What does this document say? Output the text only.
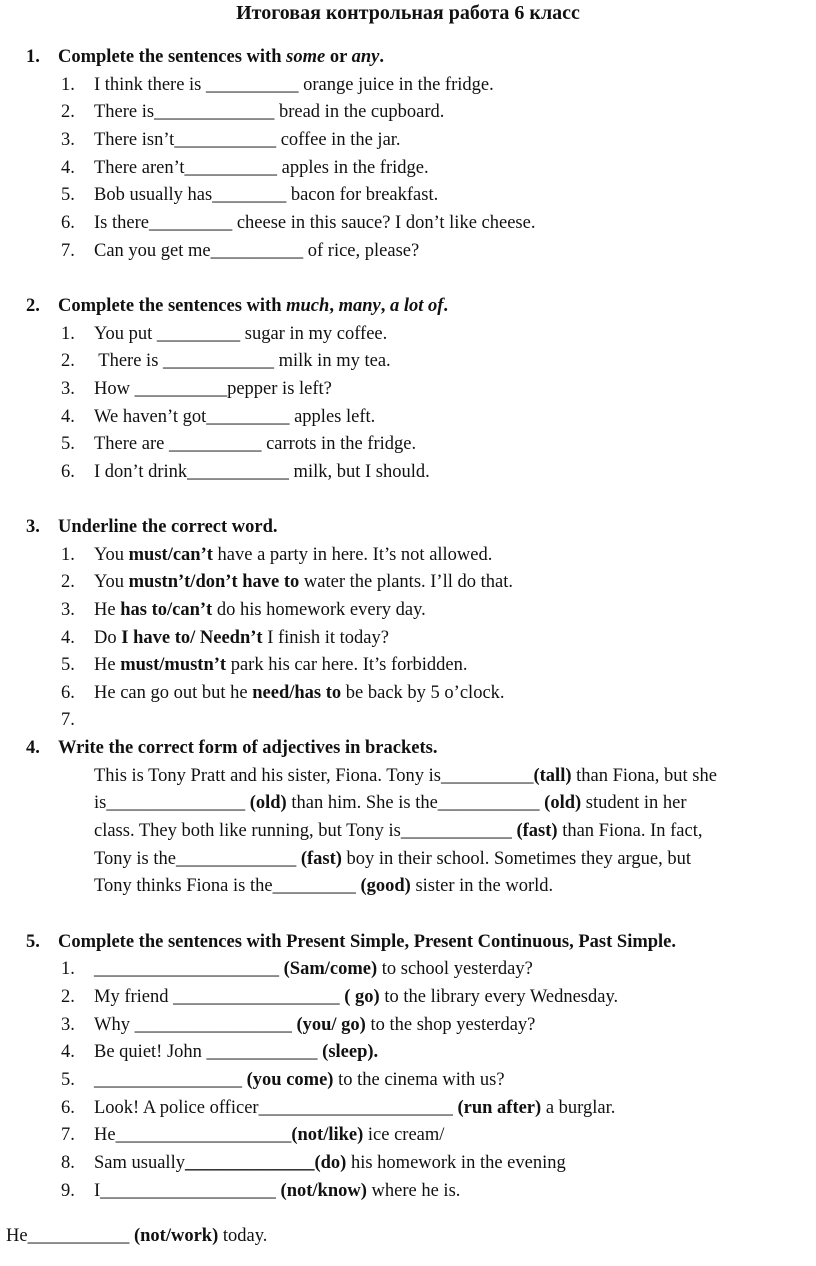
Итоговая контрольная работа 6 класс
1. Complete the sentences with some or any.
1. I think there is __________ orange juice in the fridge.
2. There is_____________ bread in the cupboard.
3. There isn’t___________ coffee in the jar.
4. There aren’t__________ apples in the fridge.
5. Bob usually has________ bacon for breakfast.
6. Is there_________ cheese in this sauce? I don’t like cheese.
7. Can you get me__________ of rice, please?
2. Complete the sentences with much, many, a lot of.
1. You put _________ sugar in my coffee.
2. There is ____________ milk in my tea.
3. How __________pepper is left?
4. We haven’t got_________ apples left.
5. There are __________ carrots in the fridge.
6. I don’t drink___________ milk, but I should.
3. Underline the correct word.
1. You must/can’t have a party in here. It’s not allowed.
2. You mustn’t/don’t have to water the plants. I’ll do that.
3. He has to/can’t do his homework every day.
4. Do I have to/ Needn’t I finish it today?
5. He must/mustn’t park his car here. It’s forbidden.
6. He can go out but he need/has to be back by 5 o’clock.
7.
4. Write the correct form of adjectives in brackets.
This is Tony Pratt and his sister, Fiona. Tony is__________(tall) than Fiona, but she
is_______________ (old) than him. She is the___________ (old) student in her
class. They both like running, but Tony is____________ (fast) than Fiona. In fact,
Tony is the_____________ (fast) boy in their school. Sometimes they argue, but
Tony thinks Fiona is the_________ (good) sister in the world.
5. Complete the sentences with Present Simple, Present Continuous, Past Simple.
1. ____________________ (Sam/come) to school yesterday?
2. My friend __________________ ( go) to the library every Wednesday.
3. Why _________________ (you/ go) to the shop yesterday?
4. Be quiet! John ____________ (sleep).
5. ________________ (you come) to the cinema with us?
6. Look! A police officer_____________________ (run after) a burglar.
7. He___________________(not/like) ice cream/
8. Sam usually______________(do) his homework in the evening
9. I___________________ (not/know) where he is.
He___________ (not/work) today.
